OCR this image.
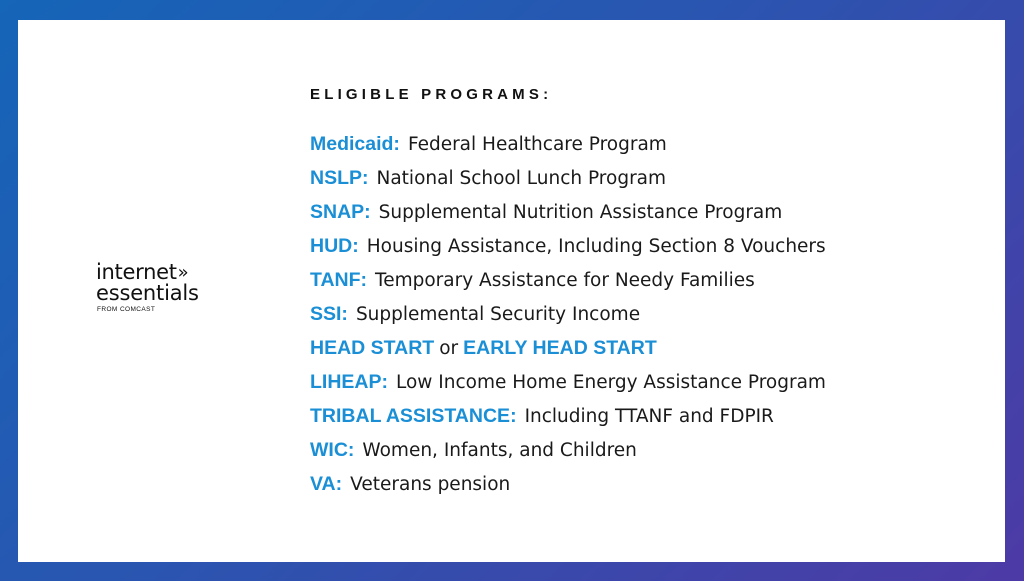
internet»
essentials
FROM COMCAST
ELIGIBLE PROGRAMS:
Medicaid: Federal Healthcare Program
NSLP: National School Lunch Program
SNAP: Supplemental Nutrition Assistance Program
HUD: Housing Assistance, Including Section 8 Vouchers
TANF: Temporary Assistance for Needy Families
SSI: Supplemental Security Income
HEAD START or EARLY HEAD START
LIHEAP: Low Income Home Energy Assistance Program
TRIBAL ASSISTANCE: Including TTANF and FDPIR
WIC: Women, Infants, and Children
VA: Veterans pension
